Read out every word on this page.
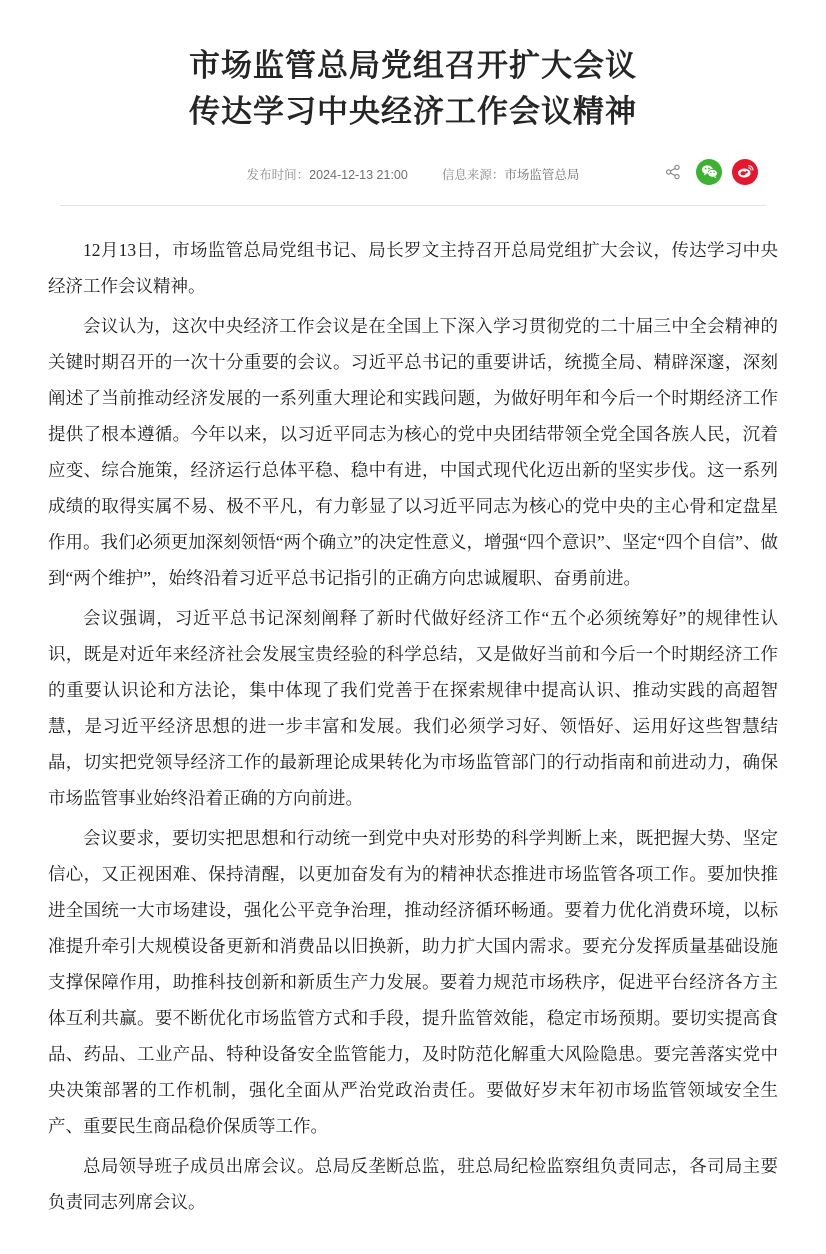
市场监管总局党组召开扩大会议
传达学习中央经济工作会议精神
发布时间：2024-12-13 21:00	信息来源：市场监管总局

12月13日，市场监管总局党组书记、局长罗文主持召开总局党组扩大会议，传达学习中央经济工作会议精神。

会议认为，这次中央经济工作会议是在全国上下深入学习贯彻党的二十届三中全会精神的关键时期召开的一次十分重要的会议。习近平总书记的重要讲话，统揽全局、精辟深邃，深刻阐述了当前推动经济发展的一系列重大理论和实践问题，为做好明年和今后一个时期经济工作提供了根本遵循。今年以来，以习近平同志为核心的党中央团结带领全党全国各族人民，沉着应变、综合施策，经济运行总体平稳、稳中有进，中国式现代化迈出新的坚实步伐。这一系列成绩的取得实属不易、极不平凡，有力彰显了以习近平同志为核心的党中央的主心骨和定盘星作用。我们必须更加深刻领悟“两个确立”的决定性意义，增强“四个意识”、坚定“四个自信”、做到“两个维护”，始终沿着习近平总书记指引的正确方向忠诚履职、奋勇前进。

会议强调，习近平总书记深刻阐释了新时代做好经济工作“五个必须统筹好”的规律性认识，既是对近年来经济社会发展宝贵经验的科学总结，又是做好当前和今后一个时期经济工作的重要认识论和方法论，集中体现了我们党善于在探索规律中提高认识、推动实践的高超智慧，是习近平经济思想的进一步丰富和发展。我们必须学习好、领悟好、运用好这些智慧结晶，切实把党领导经济工作的最新理论成果转化为市场监管部门的行动指南和前进动力，确保市场监管事业始终沿着正确的方向前进。

会议要求，要切实把思想和行动统一到党中央对形势的科学判断上来，既把握大势、坚定信心，又正视困难、保持清醒，以更加奋发有为的精神状态推进市场监管各项工作。要加快推进全国统一大市场建设，强化公平竞争治理，推动经济循环畅通。要着力优化消费环境，以标准提升牵引大规模设备更新和消费品以旧换新，助力扩大国内需求。要充分发挥质量基础设施支撑保障作用，助推科技创新和新质生产力发展。要着力规范市场秩序，促进平台经济各方主体互利共赢。要不断优化市场监管方式和手段，提升监管效能，稳定市场预期。要切实提高食品、药品、工业产品、特种设备安全监管能力，及时防范化解重大风险隐患。要完善落实党中央决策部署的工作机制，强化全面从严治党政治责任。要做好岁末年初市场监管领域安全生产、重要民生商品稳价保质等工作。

总局领导班子成员出席会议。总局反垄断总监，驻总局纪检监察组负责同志，各司局主要负责同志列席会议。
